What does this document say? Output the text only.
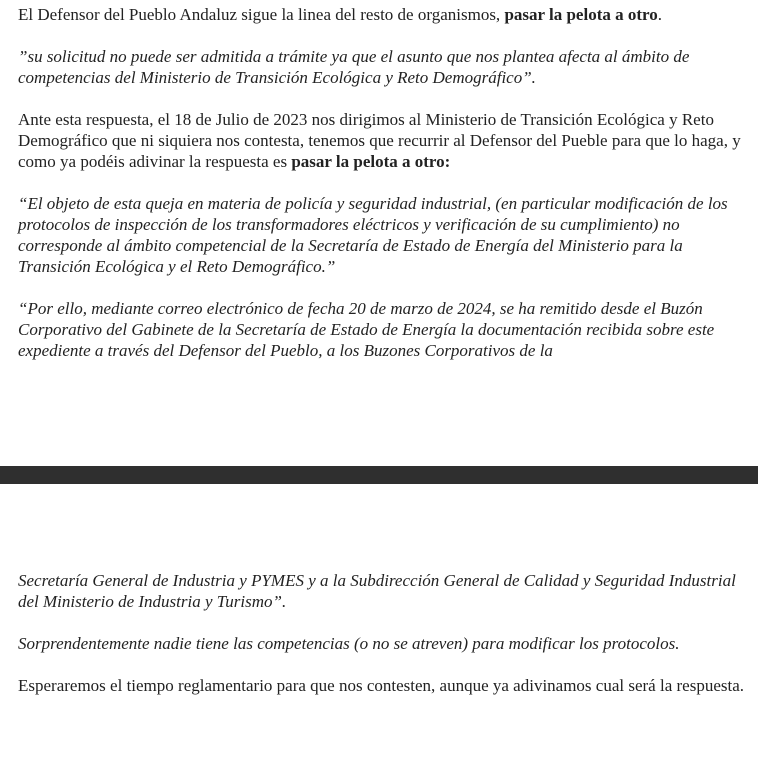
El Defensor del Pueblo Andaluz sigue la linea del resto de organismos, pasar la pelota a otro.

”su solicitud no puede ser admitida a trámite ya que el asunto que nos plantea afecta al ámbito de competencias del Ministerio de Transición Ecológica y Reto Demográfico”.

Ante esta respuesta, el 18 de Julio de 2023 nos dirigimos al Ministerio de Transición Ecológica y Reto Demográfico que ni siquiera nos contesta, tenemos que recurrir al Defensor del Pueble para que lo haga, y como ya podéis adivinar la respuesta es pasar la pelota a otro:

“El objeto de esta queja en materia de policía y seguridad industrial, (en particular modificación de los protocolos de inspección de los transformadores eléctricos y verificación de su cumplimiento) no corresponde al ámbito competencial de la Secretaría de Estado de Energía del Ministerio para la Transición Ecológica y el Reto Demográfico.”

“Por ello, mediante correo electrónico de fecha 20 de marzo de 2024, se ha remitido desde el Buzón Corporativo del Gabinete de la Secretaría de Estado de Energía la documentación recibida sobre este expediente a través del Defensor del Pueblo, a los Buzones Corporativos de la

Secretaría General de Industria y PYMES y a la Subdirección General de Calidad y Seguridad Industrial del Ministerio de Industria y Turismo”.

Sorprendentemente nadie tiene las competencias (o no se atreven) para modificar los protocolos.

Esperaremos el tiempo reglamentario para que nos contesten, aunque ya adivinamos cual será la respuesta.
